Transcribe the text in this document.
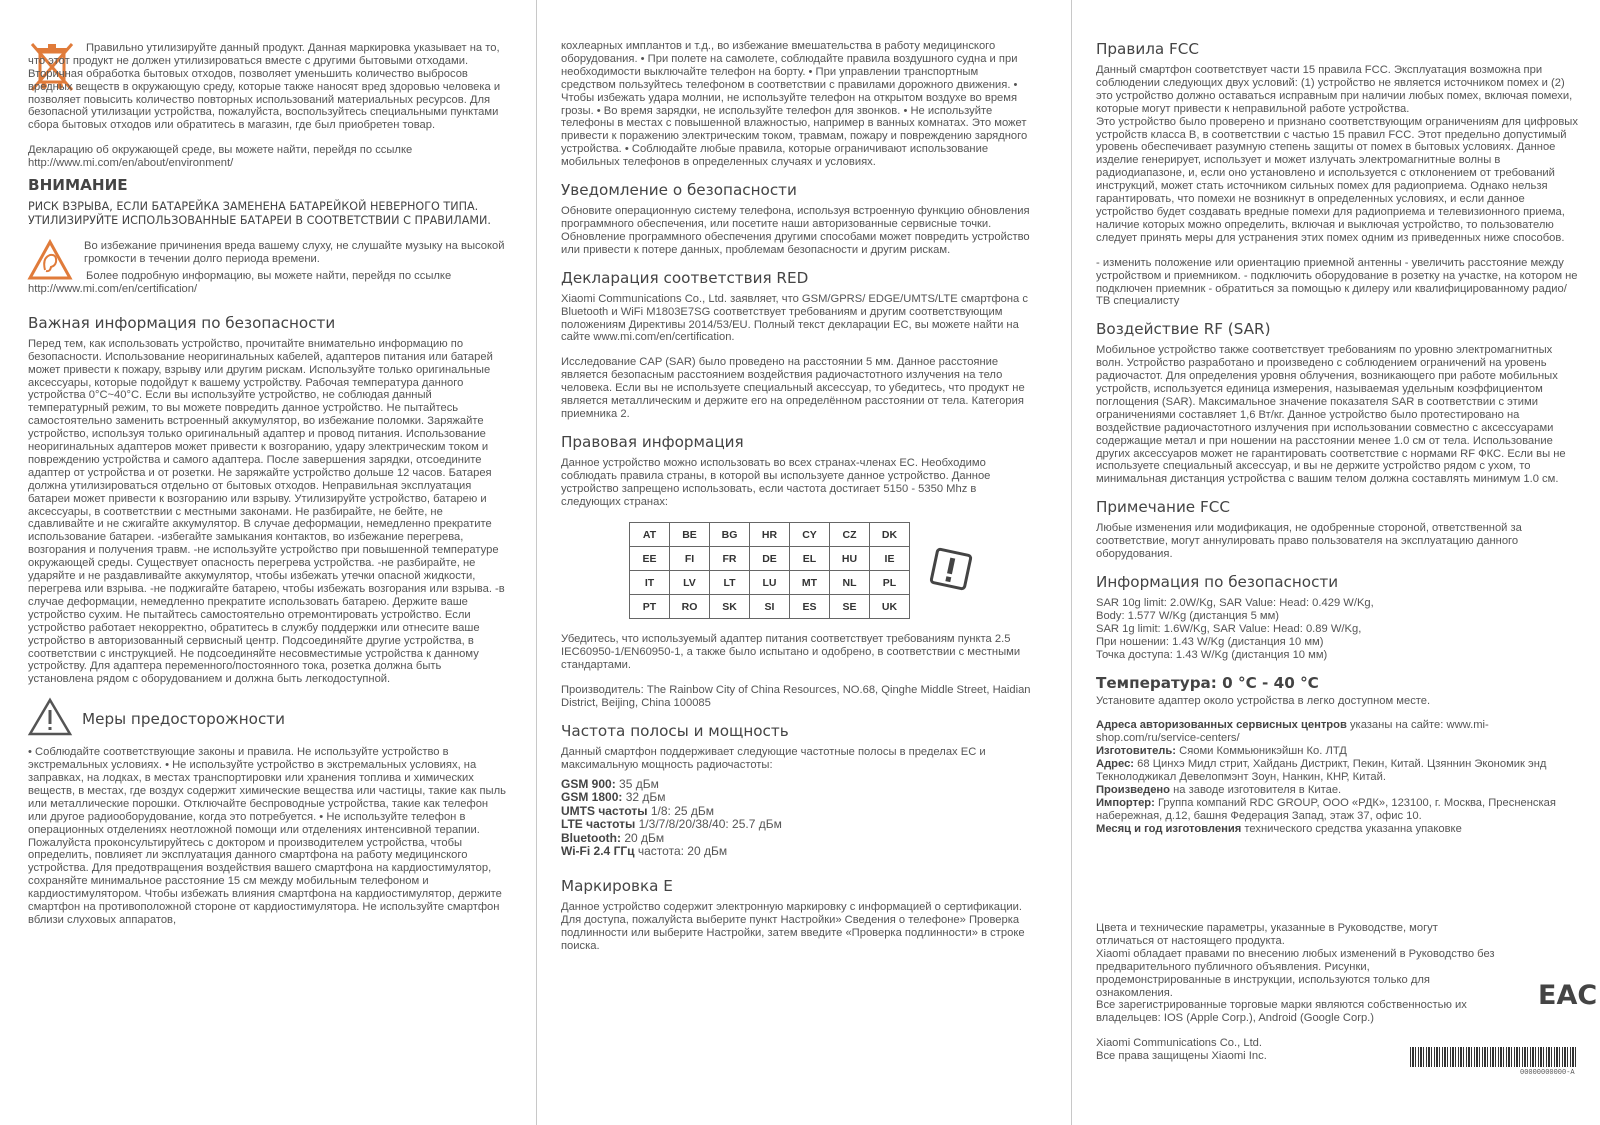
Правильно утилизируйте данный продукт. Данная маркировка указывает на то, что этот продукт не должен утилизироваться вместе с другими бытовыми отходами. Вторичная обработка бытовых отходов, позволяет уменьшить количество выбросов вредных веществ в окружающую среду, которые также наносят вред здоровью человека и позволяет повысить количество повторных использований материальных ресурсов. Для безопасной утилизации устройства, пожалуйста, воспользуйтесь специальными пунктами сбора бытовых отходов или обратитесь в магазин, где был приобретен товар.

Декларацию об окружающей среде, вы можете найти, перейдя по ссылке http://www.mi.com/en/about/environment/

ВНИМАНИЕ

РИСК ВЗРЫВА, ЕСЛИ БАТАРЕЙКА ЗАМЕНЕНА БАТАРЕЙКОЙ НЕВЕРНОГО ТИПА. УТИЛИЗИРУЙТЕ ИСПОЛЬЗОВАННЫЕ БАТАРЕИ В СООТВЕТСТВИИ С ПРАВИЛАМИ.

Во избежание причинения вреда вашему слуху, не слушайте музыку на высокой громкости в течении долго периода времени.

Более подробную информацию, вы можете найти, перейдя по ссылке http://www.mi.com/en/certification/

Важная информация по безопасности

Перед тем, как использовать устройство, прочитайте внимательно информацию по безопасности. Использование неоригинальных кабелей, адаптеров питания или батарей может привести к пожару, взрыву или другим рискам. Используйте только оригинальные аксессуары, которые подойдут к вашему устройству. Рабочая температура данного устройства 0°C~40°C. Если вы используйте устройство, не соблюдая данный температурный режим, то вы можете повредить данное устройство. Не пытайтесь самостоятельно заменить встроенный аккумулятор, во избежание поломки. Заряжайте устройство, используя только оригинальный адаптер и провод питания. Использование неоригинальных адаптеров может привести к возгоранию, удару электрическим током и повреждению устройства и самого адаптера. После завершения зарядки, отсоедините адаптер от устройства и от розетки. Не заряжайте устройство дольше 12 часов. Батарея должна утилизироваться отдельно от бытовых отходов. Неправильная эксплуатация батареи может привести к возгоранию или взрыву. Утилизируйте устройство, батарею и аксессуары, в соответствии с местными законами. Не разбирайте, не бейте, не сдавливайте и не сжигайте аккумулятор. В случае деформации, немедленно прекратите использование батареи. -избегайте замыкания контактов, во избежание перегрева, возгорания и получения травм. -не используйте устройство при повышенной температуре окружающей среды. Существует опасность перегрева устройства. -не разбирайте, не ударяйте и не раздавливайте аккумулятор, чтобы избежать утечки опасной жидкости, перегрева или взрыва. -не поджигайте батарею, чтобы избежать возгорания или взрыва. -в случае деформации, немедленно прекратите использовать батарею. Держите ваше устройство сухим. Не пытайтесь самостоятельно отремонтировать устройство. Если устройство работает некорректно, обратитесь в службу поддержки или отнесите ваше устройство в авторизованный сервисный центр. Подсоединяйте другие устройства, в соответствии с инструкцией. Не подсоединяйте несовместимые устройства к данному устройству. Для адаптера переменного/постоянного тока, розетка должна быть установлена рядом с оборудованием и должна быть легкодоступной.

Меры предосторожности

• Соблюдайте соответствующие законы и правила. Не используйте устройство в экстремальных условиях. • Не используйте устройство в экстремальных условиях, на заправках, на лодках, в местах транспортировки или хранения топлива и химических веществ, в местах, где воздух содержит химические вещества или частицы, такие как пыль или металлические порошки. Отключайте беспроводные устройства, такие как телефон или другое радиооборудование, когда это потребуется. • Не используйте телефон в операционных отделениях неотложной помощи или отделениях интенсивной терапии. Пожалуйста проконсультируйтесь с доктором и производителем устройства, чтобы определить, повлияет ли эксплуатация данного смартфона на работу медицинского устройства. Для предотвращения воздействия вашего смартфона на кардиостимулятор, сохраняйте минимальное расстояние 15 см между мобильным телефоном и кардиостимулятором. Чтобы избежать влияния смартфона на кардиостимулятор, держите смартфон на противоположной стороне от кардиостимулятора. Не используйте смартфон вблизи слуховых аппаратов,

кохлеарных имплантов и т.д., во избежание вмешательства в работу медицинского оборудования. • При полете на самолете, соблюдайте правила воздушного судна и при необходимости выключайте телефон на борту. • При управлении транспортным средством пользуйтесь телефоном в соответствии с правилами дорожного движения. • Чтобы избежать удара молнии, не используйте телефон на открытом воздухе во время грозы. • Во время зарядки, не используйте телефон для звонков. • Не используйте телефоны в местах с повышенной влажностью, например в ванных комнатах. Это может привести к поражению электрическим током, травмам, пожару и повреждению зарядного устройства. • Соблюдайте любые правила, которые ограничивают использование мобильных телефонов в определенных случаях и условиях.

Уведомление о безопасности

Обновите операционную систему телефона, используя встроенную функцию обновления программного обеспечения, или посетите наши авторизованные сервисные точки. Обновление программного обеспечения другими способами может повредить устройство или привести к потере данных, проблемам безопасности и другим рискам.

Декларация соответствия RED

Xiaomi Communications Co., Ltd. заявляет, что GSM/GPRS/ EDGE/UMTS/LTE смартфона с Bluetooth и WiFi M1803E7SG соответствует требованиям и другим соответствующим положениям Директивы 2014/53/EU. Полный текст декларации ЕС, вы можете найти на сайте www.mi.com/en/certification.

Исследование CAP (SAR) было проведено на расстоянии 5 мм. Данное расстояние является безопасным расстоянием воздействия радиочастотного излучения на тело человека. Если вы не используете специальный аксессуар, то убедитесь, что продукт не является металлическим и держите его на определённом расстоянии от тела. Категория приемника 2.

Правовая информация

Данное устройство можно использовать во всех странах-членах ЕС. Необходимо соблюдать правила страны, в которой вы используете данное устройство. Данное устройство запрещено использовать, если частота достигает 5150 - 5350 Mhz в следующих странах:

AT	BE	BG	HR	CY	CZ	DK
EE	FI	FR	DE	EL	HU	IE
IT	LV	LT	LU	MT	NL	PL
PT	RO	SK	SI	ES	SE	UK

Убедитесь, что используемый адаптер питания соответствует требованиям пункта 2.5 IEC60950-1/EN60950-1, а также было испытано и одобрено, в соответствии с местными стандартами.

Производитель: The Rainbow City of China Resources, NO.68, Qinghe Middle Street, Haidian District, Beijing, China 100085

Частота полосы и мощность

Данный смартфон поддерживает следующие частотные полосы в пределах ЕС и максимальную мощность радиочастоты:

GSM 900: 35 дБм

GSM 1800: 32 дБм

UMTS частоты 1/8: 25 дБм

LTE частоты 1/3/7/8/20/38/40: 25.7 дБм

Bluetooth: 20 дБм

Wi-Fi 2.4 ГГц частота: 20 дБм

Маркировка E

Данное устройство содержит электронную маркировку с информацией о сертификации. Для доступа, пожалуйста выберите пункт Настройки» Сведения о телефоне» Проверка подлинности или выберите Настройки, затем введите «Проверка подлинности» в строке поиска.

Правила FCC

Данный смартфон соответствует части 15 правила FCC. Эксплуатация возможна при соблюдении следующих двух условий: (1) устройство не является источником помех и (2) это устройство должно оставаться исправным при наличии любых помех, включая помехи, которые могут привести к неправильной работе устройства.

Это устройство было проверено и признано соответствующим ограничениям для цифровых устройств класса B, в соответствии с частью 15 правил FCC. Этот предельно допустимый уровень обеспечивает разумную степень защиты от помех в бытовых условиях. Данное изделие генерирует, использует и может излучать электромагнитные волны в радиодиапазоне, и, если оно установлено и используется с отклонением от требований инструкций, может стать источником сильных помех для радиоприема. Однако нельзя гарантировать, что помехи не возникнут в определенных условиях, и если данное устройство будет создавать вредные помехи для радиоприема и телевизионного приема, наличие которых можно определить, включая и выключая устройство, то пользователю следует принять меры для устранения этих помех одним из приведенных ниже способов.

- изменить положение или ориентацию приемной антенны - увеличить расстояние между устройством и приемником. - подключить оборудование в розетку на участке, на котором не подключен приемник - обратиться за помощью к дилеру или квалифицированному радио/ТВ специалисту

Воздействие RF (SAR)

Мобильное устройство также соответствует требованиям по уровню электромагнитных волн. Устройство разработано и произведено с соблюдением ограничений на уровень радиочастот. Для определения уровня облучения, возникающего при работе мобильных устройств, используется единица измерения, называемая удельным коэффициентом поглощения (SAR). Максимальное значение показателя SAR в соответствии с этими ограничениями составляет 1,6 Вт/кг. Данное устройство было протестировано на воздействие радиочастотного излучения при использовании совместно с аксессуарами содержащие метал и при ношении на расстоянии менее 1.0 см от тела. Использование других аксессуаров может не гарантировать соответствие с нормами RF ФКС. Если вы не используете специальный аксессуар, и вы не держите устройство рядом с ухом, то минимальная дистанция устройства с вашим телом должна составлять минимум 1.0 см.

Примечание FCC

Любые изменения или модификация, не одобренные стороной, ответственной за соответствие, могут аннулировать право пользователя на эксплуатацию данного оборудования.

Информация по безопасности

SAR 10g limit: 2.0W/Kg, SAR Value: Head: 0.429 W/Kg,

Body: 1.577 W/Kg (дистанция 5 мм)

SAR 1g limit: 1.6W/Kg, SAR Value: Head: 0.89 W/Kg,

При ношении: 1.43 W/Kg (дистанция 10 мм)

Точка доступа: 1.43 W/Kg (дистанция 10 мм)

Температура: 0 °C - 40 °C

Установите адаптер около устройства в легко доступном месте.

Адреса авторизованных сервисных центров указаны на сайте: www.mi-shop.com/ru/service-centers/

Изготовитель: Сяоми Коммьюникэйшн Ко. ЛТД

Адрес: 68 Цинхэ Мидл стрит, Хайдань Дистрикт, Пекин, Китай. Цзяннин Экономик энд Текнолоджикал Девелопмэнт Зоун, Нанкин, КНР, Китай.

Произведено на заводе изготовителя в Китае.

Импортер: Группа компаний RDC GROUP, ООО «РДК», 123100, г. Москва, Пресненская набережная, д.12, башня Федерация Запад, этаж 37, офис 10.

Месяц и год изготовления технического средства указанна упаковке

Цвета и технические параметры, указанные в Руководстве, могут отличаться от настоящего продукта.

Xiaomi обладает правами по внесению любых изменений в Руководство без предварительного публичного объявления. Рисунки, продемонстрированные в инструкции, используются только для ознакомления.

Все зарегистрированные торговые марки являются собственностью их владельцев: IOS (Apple Corp.), Android (Google Corp.)

Xiaomi Communications Co., Ltd.

Все права защищены Xiaomi Inc.

EAC
00000000000-A
